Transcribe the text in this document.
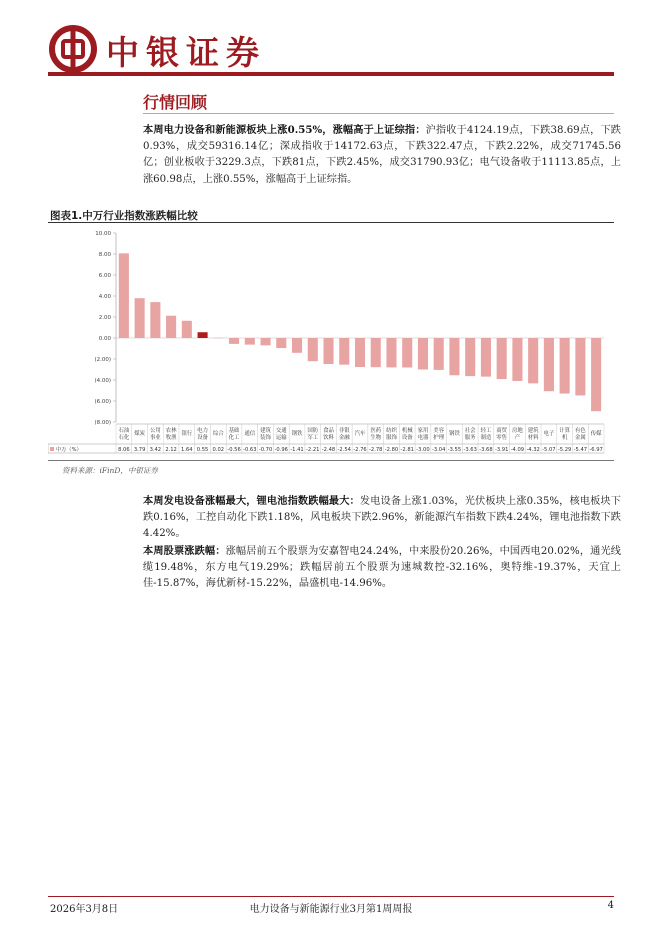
中银证券
行情回顾
本周电力设备和新能源板块上涨0.55%，涨幅高于上证综指：沪指收于4124.19点，下跌38.69点，下跌0.93%，成交59316.14亿；深成指收于14172.63点，下跌322.47点，下跌2.22%，成交71745.56亿；创业板收于3229.3点，下跌81点，下跌2.45%，成交31790.93亿；电气设备收于11113.85点，上涨60.98点，上涨0.55%，涨幅高于上证综指。
图表1.中万行业指数涨跌幅比较
10.00
8.00
6.00
4.00
2.00
0.00
(2.00)
(4.00)
(6.00)
(8.00)
中万（%）
石油石化
8.06
煤炭
3.79
公用事业
3.42
农林牧渔
2.12
银行
1.64
电力设备
0.55
综合
0.02
基础化工
-0.56
通信
-0.63
建筑装饰
-0.70
交通运输
-0.96
钢铁
-1.41
国防军工
-2.21
食品饮料
-2.48
非银金融
-2.54
汽车
-2.76
医药生物
-2.78
纺织服饰
-2.80
机械设备
-2.81
家用电器
-3.00
美容护理
-3.04
钢铁
-3.55
社会服务
-3.63
轻工制造
-3.68
商贸零售
-3.91
房地产
-4.09
建筑材料
-4.32
电子
-5.07
计算机
-5.29
有色金属
-5.47
传媒
-6.97
资料来源：iFinD，中银证券
本周发电设备涨幅最大，锂电池指数跌幅最大：发电设备上涨1.03%，光伏板块上涨0.35%，核电板块下跌0.16%，工控自动化下跌1.18%，风电板块下跌2.96%，新能源汽车指数下跌4.24%，锂电池指数下跌4.42%。
本周股票涨跌幅：涨幅居前五个股票为安嘉智电24.24%，中来股份20.26%，中国西电20.02%，通光线缆19.48%，东方电气19.29%；跌幅居前五个股票为速城数控-32.16%，奥特维-19.37%，天宜上佳-15.87%，海优新材-15.22%，晶盛机电-14.96%。
2026年3月8日	电力设备与新能源行业3月第1周周报	4
